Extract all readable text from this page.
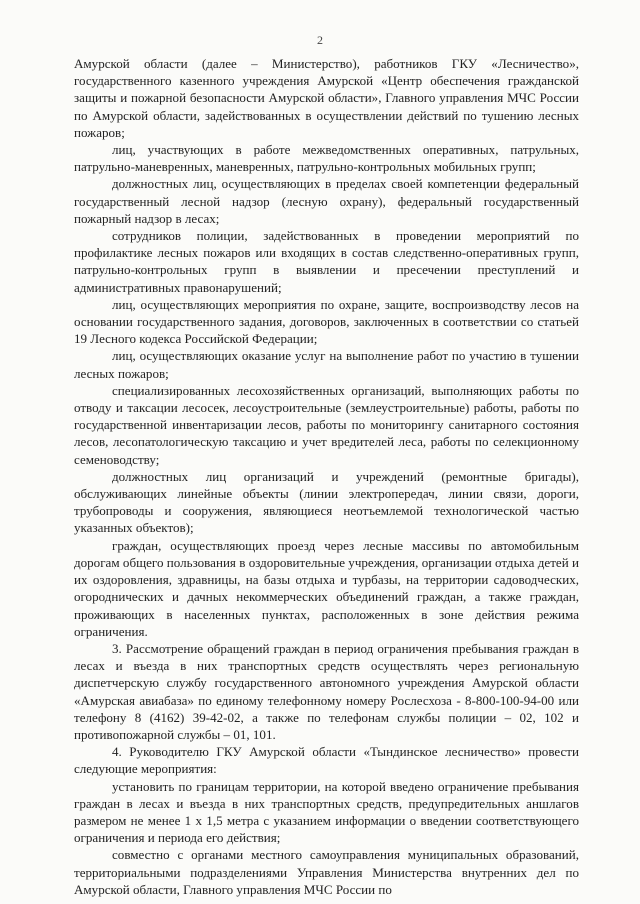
2

Амурской области (далее – Министерство), работников ГКУ «Лесничество», государственного казенного учреждения Амурской «Центр обеспечения гражданской защиты и пожарной безопасности Амурской области», Главного управления МЧС России по Амурской области, задействованных в осуществлении действий по тушению лесных пожаров;

лиц, участвующих в работе межведомственных оперативных, патрульных, патрульно-маневренных, маневренных, патрульно-контрольных мобильных групп;

должностных лиц, осуществляющих в пределах своей компетенции федеральный государственный лесной надзор (лесную охрану), федеральный государственный пожарный надзор в лесах;

сотрудников полиции, задействованных в проведении мероприятий по профилактике лесных пожаров или входящих в состав следственно-оперативных групп, патрульно-контрольных групп в выявлении и пресечении преступлений и административных правонарушений;

лиц, осуществляющих мероприятия по охране, защите, воспроизводству лесов на основании государственного задания, договоров, заключенных в соответствии со статьей 19 Лесного кодекса Российской Федерации;

лиц, осуществляющих оказание услуг на выполнение работ по участию в тушении лесных пожаров;

специализированных лесохозяйственных организаций, выполняющих работы по отводу и таксации лесосек, лесоустроительные (землеустроительные) работы, работы по государственной инвентаризации лесов, работы по мониторингу санитарного состояния лесов, лесопатологическую таксацию и учет вредителей леса, работы по селекционному семеноводству;

должностных лиц организаций и учреждений (ремонтные бригады), обслуживающих линейные объекты (линии электропередач, линии связи, дороги, трубопроводы и сооружения, являющиеся неотъемлемой технологической частью указанных объектов);

граждан, осуществляющих проезд через лесные массивы по автомобильным дорогам общего пользования в оздоровительные учреждения, организации отдыха детей и их оздоровления, здравницы, на базы отдыха и турбазы, на территории садоводческих, огороднических и дачных некоммерческих объединений граждан, а также граждан, проживающих в населенных пунктах, расположенных в зоне действия режима ограничения.

3. Рассмотрение обращений граждан в период ограничения пребывания граждан в лесах и въезда в них транспортных средств осуществлять через региональную диспетчерскую службу государственного автономного учреждения Амурской области «Амурская авиабаза» по единому телефонному номеру Рослесхоза - 8-800-100-94-00 или телефону 8 (4162) 39-42-02, а также по телефонам службы полиции – 02, 102 и противопожарной службы – 01, 101.

4. Руководителю ГКУ Амурской области «Тындинское лесничество» провести следующие мероприятия:

установить по границам территории, на которой введено ограничение пребывания граждан в лесах и въезда в них транспортных средств, предупредительных аншлагов размером не менее 1 х 1,5 метра с указанием информации о введении соответствующего ограничения и периода его действия;

совместно с органами местного самоуправления муниципальных образований, территориальными подразделениями Управления Министерства внутренних дел по Амурской области, Главного управления МЧС России по
